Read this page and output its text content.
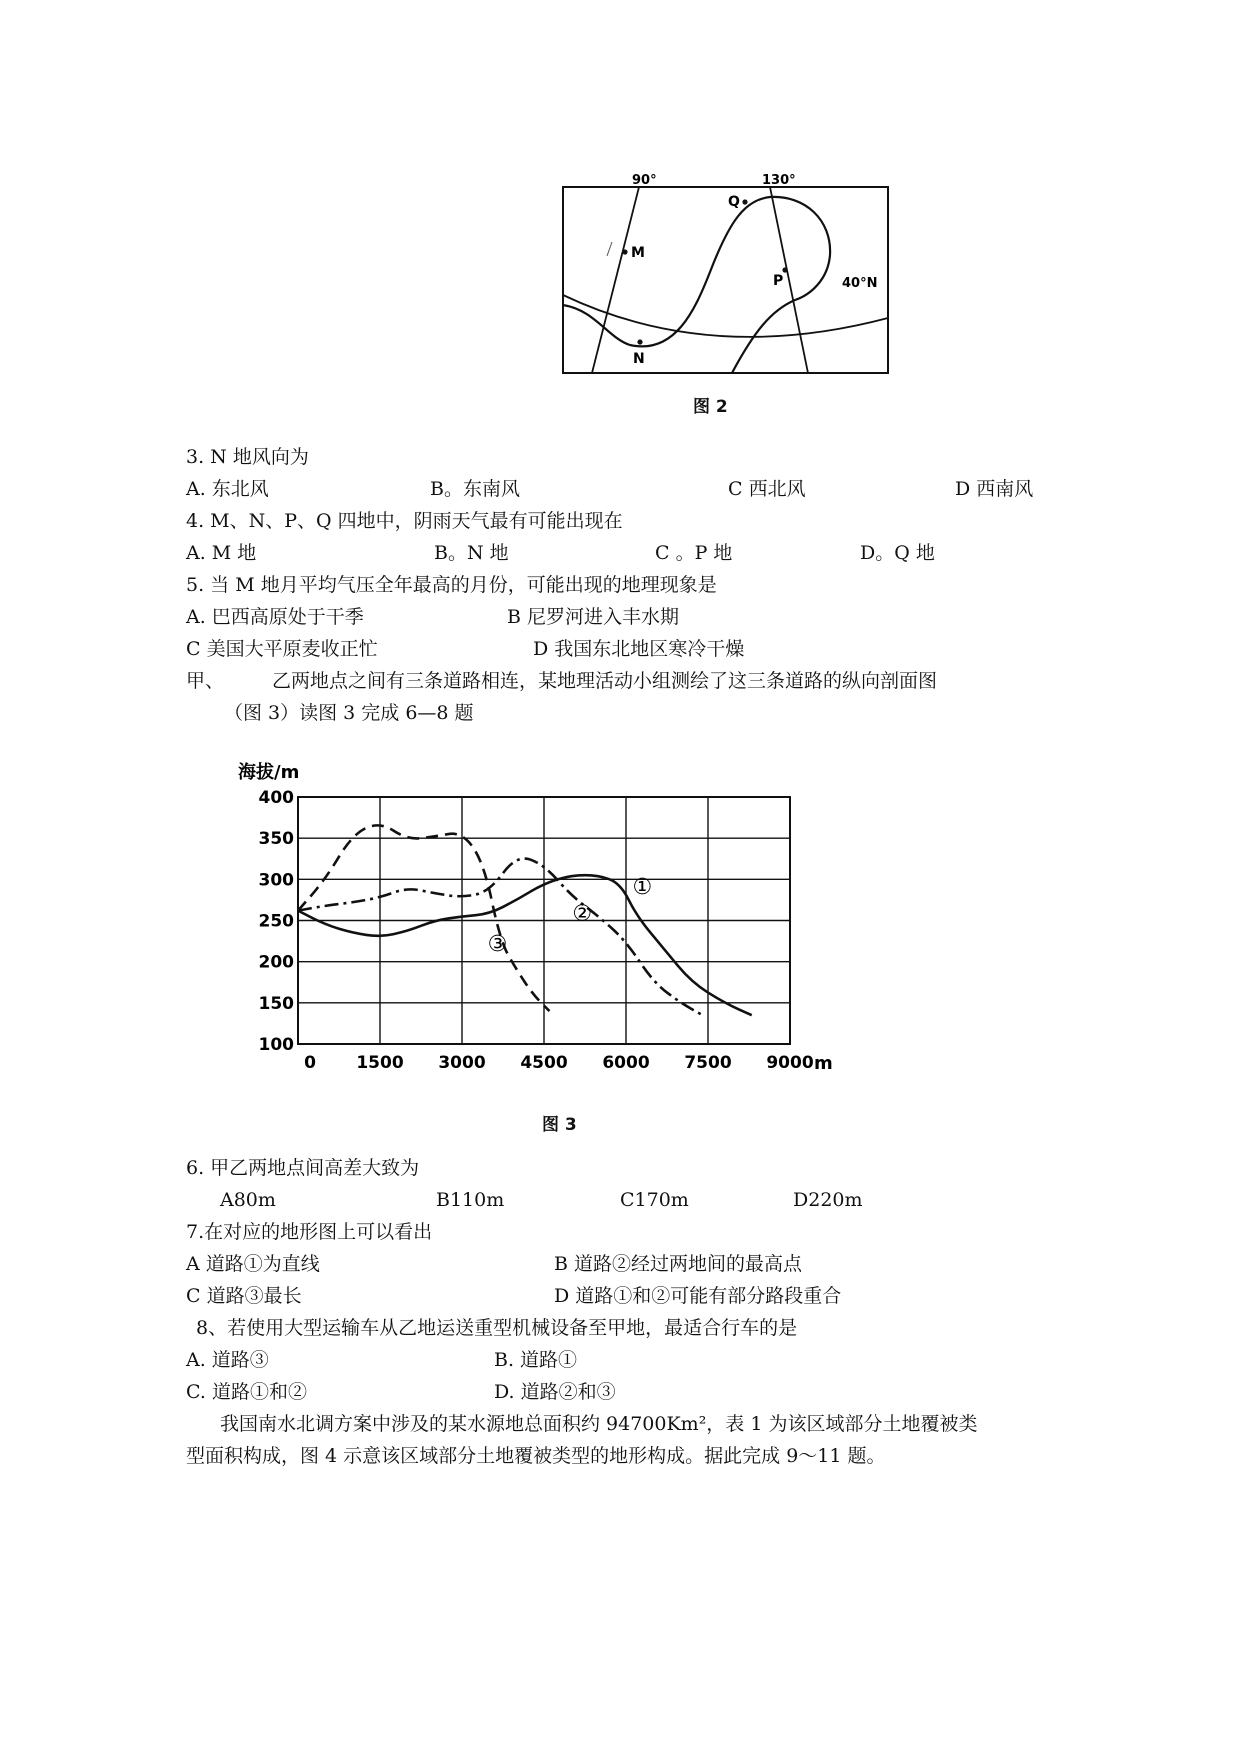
90°	130°
40°N
M
N
P
Q
图 2
3. N 地风向为
A. 东北风	B。东南风	C 西北风	D 西南风
4. M、N、P、Q 四地中，阴雨天气最有可能出现在
A. M 地	B。N 地	C 。P 地	D。Q 地
5. 当 M 地月平均气压全年最高的月份，可能出现的地理现象是
A. 巴西高原处于干季	B 尼罗河进入丰水期
C 美国大平原麦收正忙	D 我国东北地区寒冷干燥
甲、	乙两地点之间有三条道路相连，某地理活动小组测绘了这三条道路的纵向剖面图
（图 3）读图 3 完成 6—8 题
100
150
200
250
300
350
400
0 1500 3000 4500 6000 7500 9000
海拔/m
m
①
②
③
图 3
6. 甲乙两地点间高差大致为
A80m	B110m	C170m	D220m
7.在对应的地形图上可以看出
A 道路①为直线	B 道路②经过两地间的最高点
C 道路③最长	D 道路①和②可能有部分路段重合
8、若使用大型运输车从乙地运送重型机械设备至甲地，最适合行车的是
A. 道路③	B. 道路①
C. 道路①和②	D. 道路②和③
我国南水北调方案中涉及的某水源地总面积约 94700Km²，表 1 为该区域部分土地覆被类
型面积构成，图 4 示意该区域部分土地覆被类型的地形构成。据此完成 9～11 题。
